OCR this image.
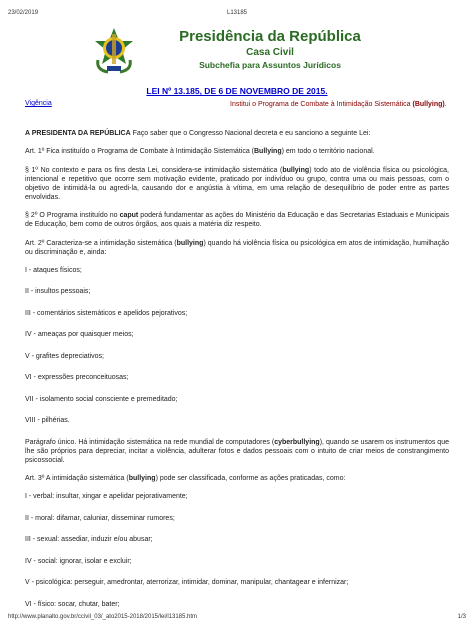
23/02/2019	L13185
Presidência da República
Casa Civil
Subchefia para Assuntos Jurídicos
LEI Nº 13.185, DE 6 DE NOVEMBRO DE 2015.
Vigência	Institui o Programa de Combate à Intimidação Sistemática (Bullying).

A PRESIDENTA DA REPÚBLICA Faço saber que o Congresso Nacional decreta e eu sanciono a seguinte Lei:

Art. 1º Fica instituído o Programa de Combate à Intimidação Sistemática (Bullying) em todo o território nacional.

§ 1º No contexto e para os fins desta Lei, considera-se intimidação sistemática (bullying) todo ato de violência física ou psicológica, intencional e repetitivo que ocorre sem motivação evidente, praticado por indivíduo ou grupo, contra uma ou mais pessoas, com o objetivo de intimidá-la ou agredi-la, causando dor e angústia à vítima, em uma relação de desequilíbrio de poder entre as partes envolvidas.

§ 2º O Programa instituído no caput poderá fundamentar as ações do Ministério da Educação e das Secretarias Estaduais e Municipais de Educação, bem como de outros órgãos, aos quais a matéria diz respeito.

Art. 2º Caracteriza-se a intimidação sistemática (bullying) quando há violência física ou psicológica em atos de intimidação, humilhação ou discriminação e, ainda:

I - ataques físicos;

II - insultos pessoais;

III - comentários sistemáticos e apelidos pejorativos;

IV - ameaças por quaisquer meios;

V - grafites depreciativos;

VI - expressões preconceituosas;

VII - isolamento social consciente e premeditado;

VIII - pilhérias.

Parágrafo único. Há intimidação sistemática na rede mundial de computadores (cyberbullying), quando se usarem os instrumentos que lhe são próprios para depreciar, incitar a violência, adulterar fotos e dados pessoais com o intuito de criar meios de constrangimento psicossocial.

Art. 3º A intimidação sistemática (bullying) pode ser classificada, conforme as ações praticadas, como:

I - verbal: insultar, xingar e apelidar pejorativamente;

II - moral: difamar, caluniar, disseminar rumores;

III - sexual: assediar, induzir e/ou abusar;

IV - social: ignorar, isolar e excluir;

V - psicológica: perseguir, amedrontar, aterrorizar, intimidar, dominar, manipular, chantagear e infernizar;

VI - físico: socar, chutar, bater;

http://www.planalto.gov.br/ccivil_03/_ato2015-2018/2015/lei/l13185.htm	1/3
